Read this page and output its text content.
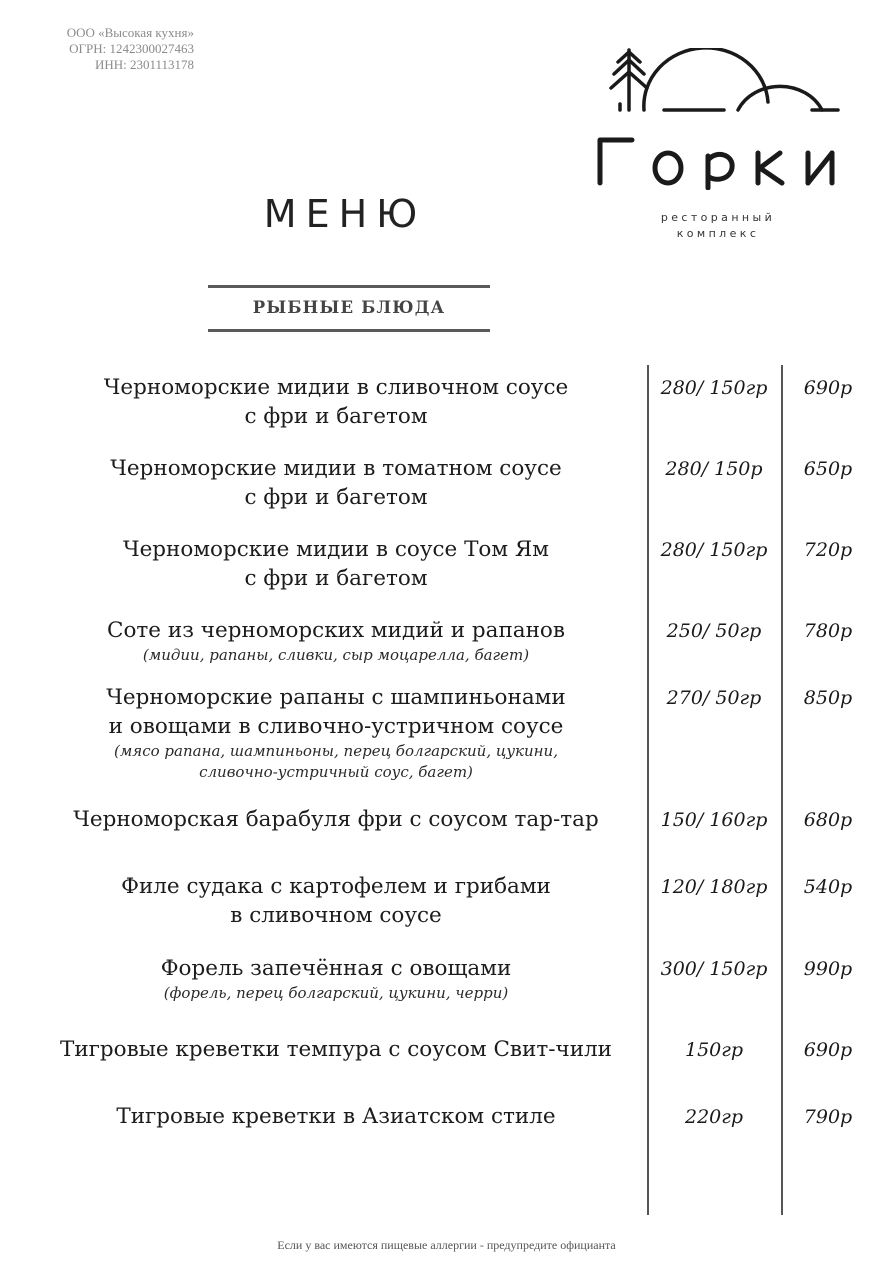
ООО «Высокая кухня»
ОГРН: 1242300027463
ИНН: 2301113178
ресторанный
комплекс
МЕНЮ
РЫБНЫЕ БЛЮДА
Черноморские мидии в сливочном соусе
с фри и багетом
280/ 150гр	690р
Черноморские мидии в томатном соусе
с фри и багетом
280/ 150р	650р
Черноморские мидии в соусе Том Ям
с фри и багетом
280/ 150гр	720р
Соте из черноморских мидий и рапанов
(мидии, рапаны, сливки, сыр моцарелла, багет)
250/ 50гр	780р
Черноморские рапаны с шампиньонами
и овощами в сливочно-устричном соусе
(мясо рапана, шампиньоны, перец болгарский, цукини,
сливочно-устричный соус, багет)
270/ 50гр	850р
Черноморская барабуля фри с соусом тар-тар	150/ 160гр	680р
Филе судака с картофелем и грибами
в сливочном соусе
120/ 180гр	540р
Форель запечённая с овощами
(форель, перец болгарский, цукини, черри)
300/ 150гр	990р
Тигровые креветки темпура с соусом Свит-чили	150гр	690р
Тигровые креветки в Азиатском стиле	220гр	790р
Если у вас имеются пищевые аллергии - предупредите официанта
